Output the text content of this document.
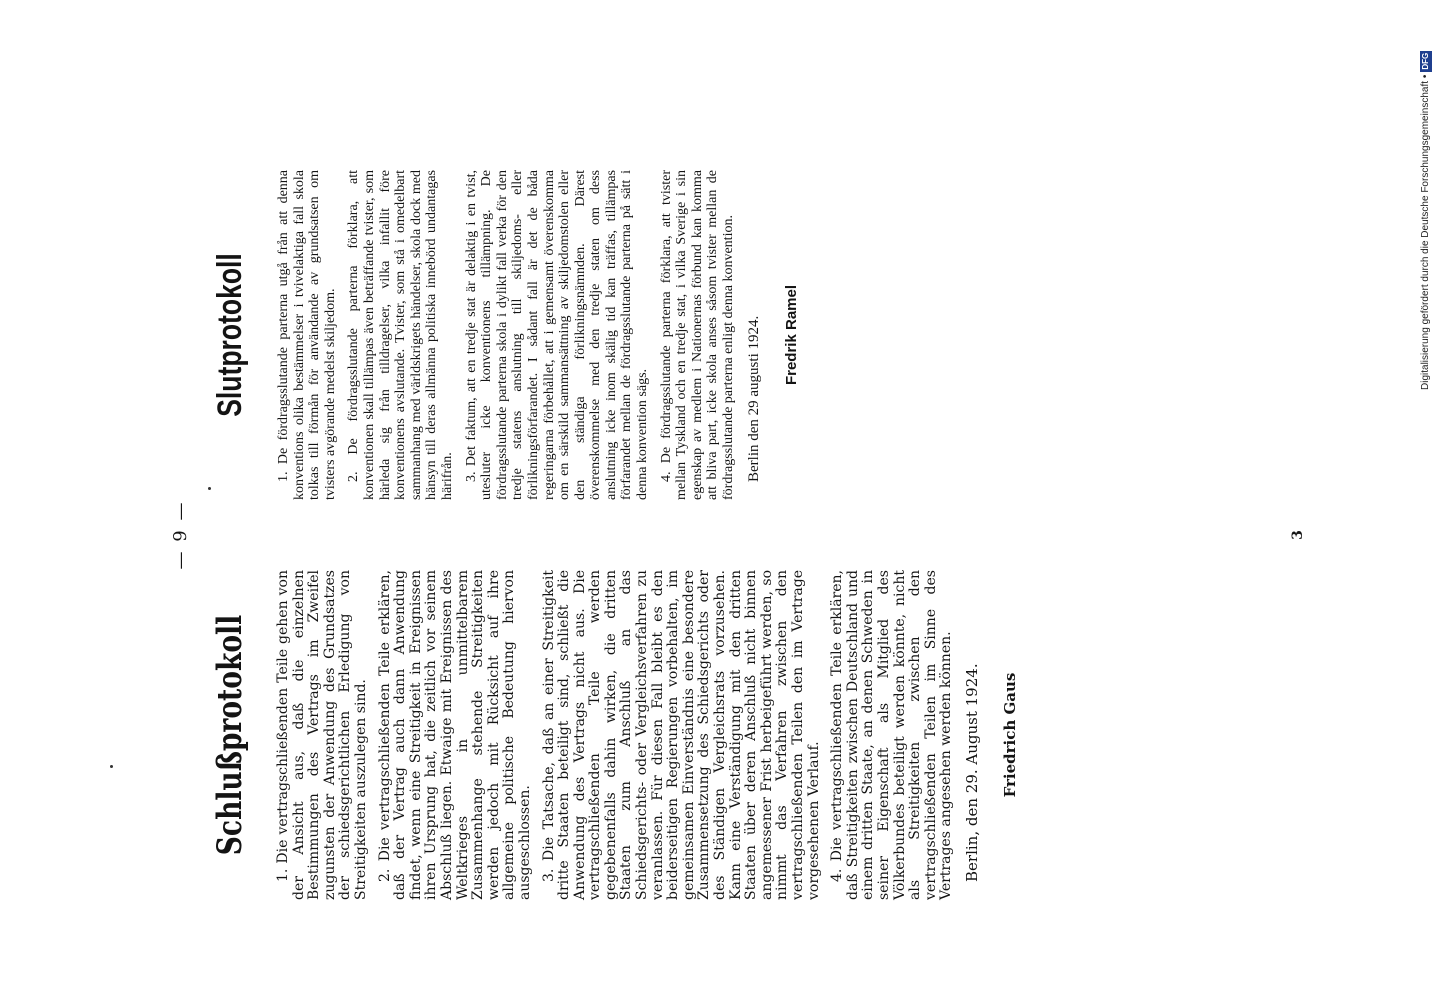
— 9 —
Schlußprotokoll 1. Die vertragschließenden Teile gehen von der Ansicht aus, daß die einzelnen Bestimmungen des Vertrags im Zweifel zugunsten der Anwendung des Grundsatzes der schiedsgerichtlichen Erledigung von Streitigkeiten auszulegen sind. 2. Die vertragschließenden Teile erklären, daß der Vertrag auch dann Anwendung findet, wenn eine Streitigkeit in Ereignissen ihren Ursprung hat, die zeitlich vor seinem Abschluß liegen. Etwaige mit Ereignissen des Weltkrieges in unmittelbarem Zusammenhange stehende Streitigkeiten werden jedoch mit Rücksicht auf ihre allgemeine politische Bedeutung hiervon ausgeschlossen. 3. Die Tatsache, daß an einer Streitigkeit dritte Staaten beteiligt sind, schließt die Anwendung des Vertrags nicht aus. Die vertragschließenden Teile werden gegebenenfalls dahin wirken, die dritten Staaten zum Anschluß an das Schiedsgerichts- oder Vergleichsverfahren zu veranlassen. Für diesen Fall bleibt es den beiderseitigen Regierungen vorbehalten, im gemeinsamen Einverständnis eine besondere Zusammensetzung des Schiedsgerichts oder des Ständigen Vergleichsrats vorzusehen. Kann eine Verständigung mit den dritten Staaten über deren Anschluß nicht binnen angemessener Frist herbeigeführt werden, so nimmt das Verfahren zwischen den vertragschließenden Teilen den im Vertrage vorgesehenen Verlauf. 4. Die vertragschließenden Teile erklären, daß Streitigkeiten zwischen Deutschland und einem dritten Staate, an denen Schweden in seiner Eigenschaft als Mitglied des Völkerbundes beteiligt werden könnte, nicht als Streitigkeiten zwischen den vertragschließenden Teilen im Sinne des Vertrages angesehen werden können. Berlin, den 29. August 1924. Friedrich Gaus
Slutprotokoll 1. De fördragsslutande parterna utgå från att denna konventions olika bestämmelser i tvivelaktiga fall skola tolkas till förmån för användande av grundsatsen om tvisters avgörande medelst skiljedom. 2. De fördragsslutande parterna förklara, att konventionen skall tillämpas även beträffande tvister, som härleda sig från tilldragelser, vilka infallit före konventionens avslutande. Tvister, som stå i omedelbart sammanhang med världskrigets händelser, skola dock med hänsyn till deras allmänna politiska innebörd undantagas härifrån. 3. Det faktum, att en tredje stat är delaktig i en tvist, utesluter icke konventionens tillämpning. De fördragsslutande parterna skola i dylikt fall verka för den tredje statens anslutning till skiljedoms- eller förlikningsförfarandet. I sådant fall är det de båda regeringarna förbehållet, att i gemensamt överenskomma om en särskild sammansättning av skiljedomstolen eller den ständiga förlikningsnämnden. Därest överenskommelse med den tredje staten om dess anslutning icke inom skälig tid kan träffas, tillämpas förfarandet mellan de fördragsslutande parterna på sätt i denna konvention sägs. 4. De fördragsslutande parterna förklara, att tvister mellan Tyskland och en tredje stat, i vilka Sverige i sin egenskap av medlem i Nationernas förbund kan komma att bliva part, icke skola anses såsom tvister mellan de fördragsslutande parterna enligt denna konvention. Berlin den 29 augusti 1924. Fredrik Ramel
3
Digitalisierung gefördert durch die Deutsche Forschungsgemeinschaft •
DFG
